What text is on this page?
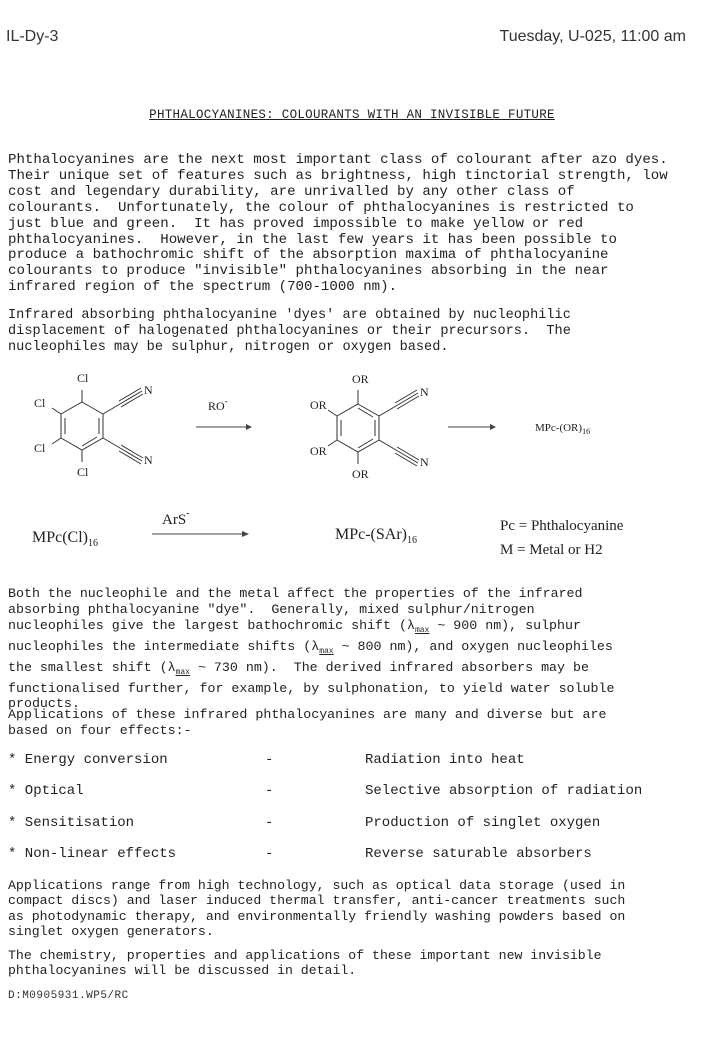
IL-Dy-3	Tuesday, U-025, 11:00 am
PHTHALOCYANINES: COLOURANTS WITH AN INVISIBLE FUTURE
Phthalocyanines are the next most important class of colourant after azo dyes.
Their unique set of features such as brightness, high tinctorial strength, low
cost and legendary durability, are unrivalled by any other class of
colourants.  Unfortunately, the colour of phthalocyanines is restricted to
just blue and green.  It has proved impossible to make yellow or red
phthalocyanines.  However, in the last few years it has been possible to
produce a bathochromic shift of the absorption maxima of phthalocyanine
colourants to produce "invisible" phthalocyanines absorbing in the near
infrared region of the spectrum (700-1000 nm).
Infrared absorbing phthalocyanine 'dyes' are obtained by nucleophilic
displacement of halogenated phthalocyanines or their precursors.  The
nucleophiles may be sulphur, nitrogen or oxygen based.
Cl
Cl
Cl
Cl
N
N
RO-
OR
OR
OR
OR
N
N
MPc-$(OR)_{16}$
$MPc(Cl)_{16}$
ArS-
MPc-$(SAr)_{16}$
Pc = Phthalocyanine
M = Metal or H2
Both the nucleophile and the metal affect the properties of the infrared
absorbing phthalocyanine "dye".  Generally, mixed sulphur/nitrogen
nucleophiles give the largest bathochromic shift ($\lambda_{max}$ ~ 900 nm), sulphur
nucleophiles the intermediate shifts ($\lambda_{max}$ ~ 800 nm), and oxygen nucleophiles
the smallest shift ($\lambda_{max}$ ~ 730 nm).  The derived infrared absorbers may be
functionalised further, for example, by sulphonation, to yield water soluble
products.
Applications of these infrared phthalocyanines are many and diverse but are
based on four effects:-
* Energy conversion	-	Radiation into heat
* Optical	-	Selective absorption of radiation
* Sensitisation	-	Production of singlet oxygen
* Non-linear effects	-	Reverse saturable absorbers
Applications range from high technology, such as optical data storage (used in
compact discs) and laser induced thermal transfer, anti-cancer treatments such
as photodynamic therapy, and environmentally friendly washing powders based on
singlet oxygen generators.
The chemistry, properties and applications of these important new invisible
phthalocyanines will be discussed in detail.
D:M0905931.WP5/RC
